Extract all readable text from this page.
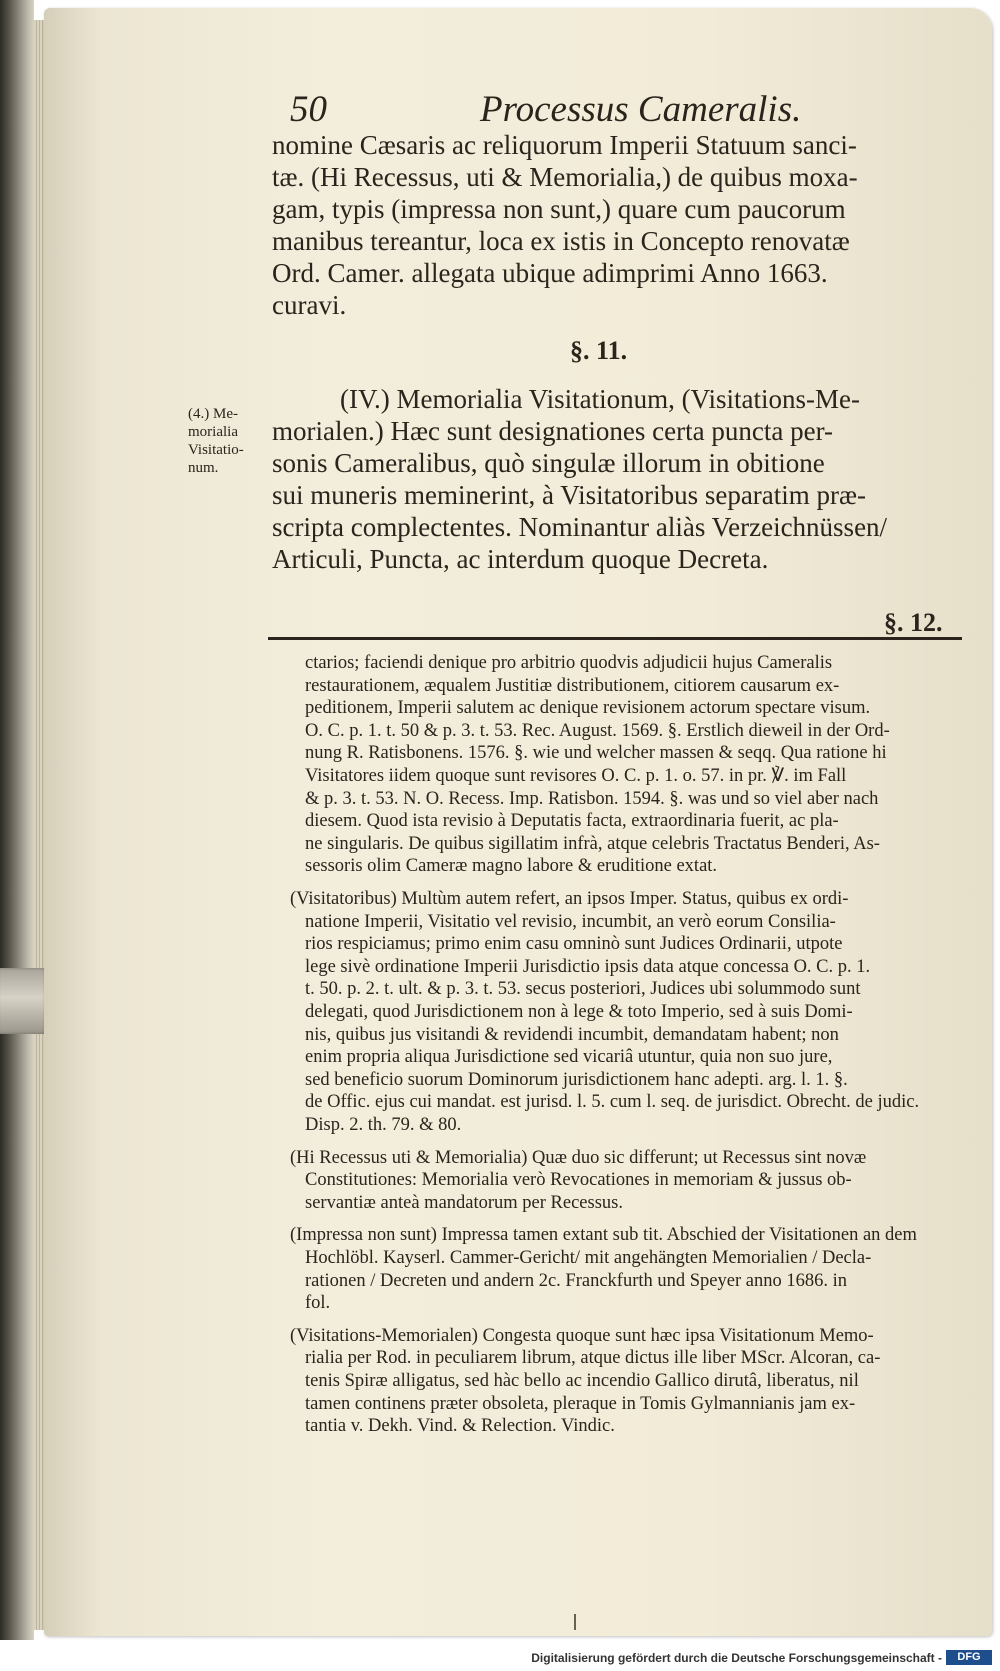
50	Processus Cameralis.
nomine Cæsaris ac reliquorum Imperii Statuum sanci-
tæ. (Hi Recessus, uti & Memorialia,) de quibus moxa-
gam, typis (impressa non sunt,) quare cum paucorum
manibus tereantur, loca ex istis in Concepto renovatæ
Ord. Camer. allegata ubique adimprimi Anno 1663.
curavi.
§. 11.
(4.) Me-
morialia
Visitatio-
num.
(IV.) Memorialia Visitationum, (Visitations-Me-
morialen.) Hæc sunt designationes certa puncta per-
sonis Cameralibus, quò singulæ illorum in obitione
sui muneris meminerint, à Visitatoribus separatim præ-
scripta complectentes. Nominantur aliàs Verzeichnüssen/
Articuli, Puncta, ac interdum quoque Decreta.
§. 12.
ctarios; faciendi denique pro arbitrio quodvis adjudicii hujus Cameralis
restaurationem, æqualem Justitiæ distributionem, citiorem causarum ex-
peditionem, Imperii salutem ac denique revisionem actorum spectare visum.
O. C. p. 1. t. 50 & p. 3. t. 53. Rec. August. 1569. §. Erstlich dieweil in der Ord-
nung R. Ratisbonens. 1576. §. wie und welcher massen & seqq. Qua ratione hi
Visitatores iidem quoque sunt revisores O. C. p. 1. o. 57. in pr. ℣. im Fall
& p. 3. t. 53. N. O. Recess. Imp. Ratisbon. 1594. §. was und so viel aber nach
diesem. Quod ista revisio à Deputatis facta, extraordinaria fuerit, ac pla-
ne singularis. De quibus sigillatim infrà, atque celebris Tractatus Benderi, As-
sessoris olim Cameræ magno labore & eruditione extat.
(Visitatoribus) Multùm autem refert, an ipsos Imper. Status, quibus ex ordi-
natione Imperii, Visitatio vel revisio, incumbit, an verò eorum Consilia-
rios respiciamus; primo enim casu omninò sunt Judices Ordinarii, utpote
lege sivè ordinatione Imperii Jurisdictio ipsis data atque concessa O. C. p. 1.
t. 50. p. 2. t. ult. & p. 3. t. 53. secus posteriori, Judices ubi solummodo sunt
delegati, quod Jurisdictionem non à lege & toto Imperio, sed à suis Domi-
nis, quibus jus visitandi & revidendi incumbit, demandatam habent; non
enim propria aliqua Jurisdictione sed vicariâ utuntur, quia non suo jure,
sed beneficio suorum Dominorum jurisdictionem hanc adepti. arg. l. 1. §.
de Offic. ejus cui mandat. est jurisd. l. 5. cum l. seq. de jurisdict. Obrecht. de judic.
Disp. 2. th. 79. & 80.
(Hi Recessus uti & Memorialia) Quæ duo sic differunt; ut Recessus sint novæ
Constitutiones: Memorialia verò Revocationes in memoriam & jussus ob-
servantiæ anteà mandatorum per Recessus.
(Impressa non sunt) Impressa tamen extant sub tit. Abschied der Visitationen an dem
Hochlöbl. Kayserl. Cammer-Gericht/ mit angehängten Memorialien / Decla-
rationen / Decreten und andern 2c. Franckfurth und Speyer anno 1686. in
fol.
(Visitations-Memorialen) Congesta quoque sunt hæc ipsa Visitationum Memo-
rialia per Rod. in peculiarem librum, atque dictus ille liber MScr. Alcoran, ca-
tenis Spiræ alligatus, sed hàc bello ac incendio Gallico dirutâ, liberatus, nil
tamen continens præter obsoleta, pleraque in Tomis Gylmannianis jam ex-
tantia v. Dekh. Vind. & Relection. Vindic.
Digitalisierung gefördert durch die Deutsche Forschungsgemeinschaft -	DFG
